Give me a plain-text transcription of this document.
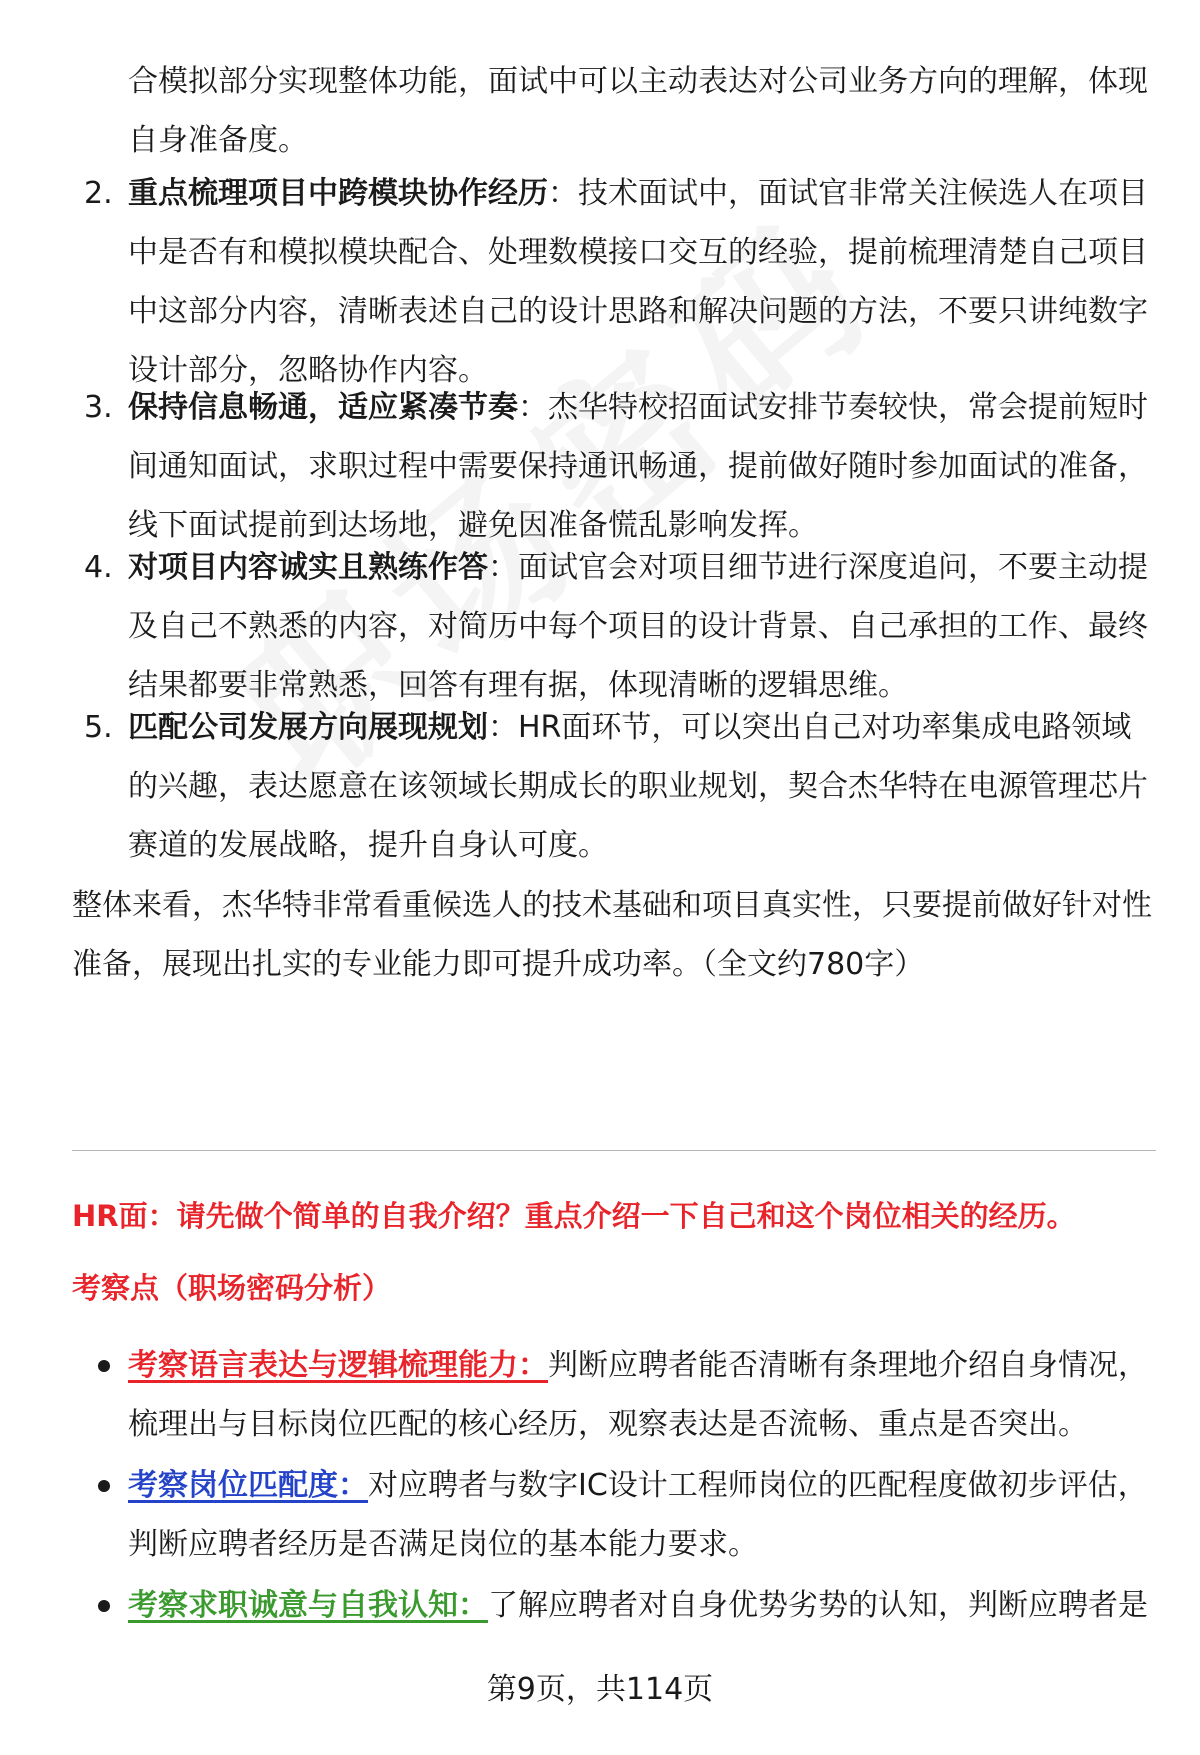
合模拟部分实现整体功能，面试中可以主动表达对公司业务方向的理解，体现自身准备度。
2. 重点梳理项目中跨模块协作经历：技术面试中，面试官非常关注候选人在项目中是否有和模拟模块配合、处理数模接口交互的经验，提前梳理清楚自己项目中这部分内容，清晰表述自己的设计思路和解决问题的方法，不要只讲纯数字设计部分，忽略协作内容。
3. 保持信息畅通，适应紧凑节奏：杰华特校招面试安排节奏较快，常会提前短时间通知面试，求职过程中需要保持通讯畅通，提前做好随时参加面试的准备，线下面试提前到达场地，避免因准备慌乱影响发挥。
4. 对项目内容诚实且熟练作答：面试官会对项目细节进行深度追问，不要主动提及自己不熟悉的内容，对简历中每个项目的设计背景、自己承担的工作、最终结果都要非常熟悉，回答有理有据，体现清晰的逻辑思维。
5. 匹配公司发展方向展现规划：HR面环节，可以突出自己对功率集成电路领域的兴趣，表达愿意在该领域长期成长的职业规划，契合杰华特在电源管理芯片赛道的发展战略，提升自身认可度。
整体来看，杰华特非常看重候选人的技术基础和项目真实性，只要提前做好针对性准备，展现出扎实的专业能力即可提升成功率。（全文约780字）
HR面：请先做个简单的自我介绍？重点介绍一下自己和这个岗位相关的经历。
考察点（职场密码分析）
考察语言表达与逻辑梳理能力：判断应聘者能否清晰有条理地介绍自身情况，梳理出与目标岗位匹配的核心经历，观察表达是否流畅、重点是否突出。
考察岗位匹配度：对应聘者与数字IC设计工程师岗位的匹配程度做初步评估，判断应聘者经历是否满足岗位的基本能力要求。
考察求职诚意与自我认知：了解应聘者对自身优势劣势的认知，判断应聘者是
第9页，共114页
